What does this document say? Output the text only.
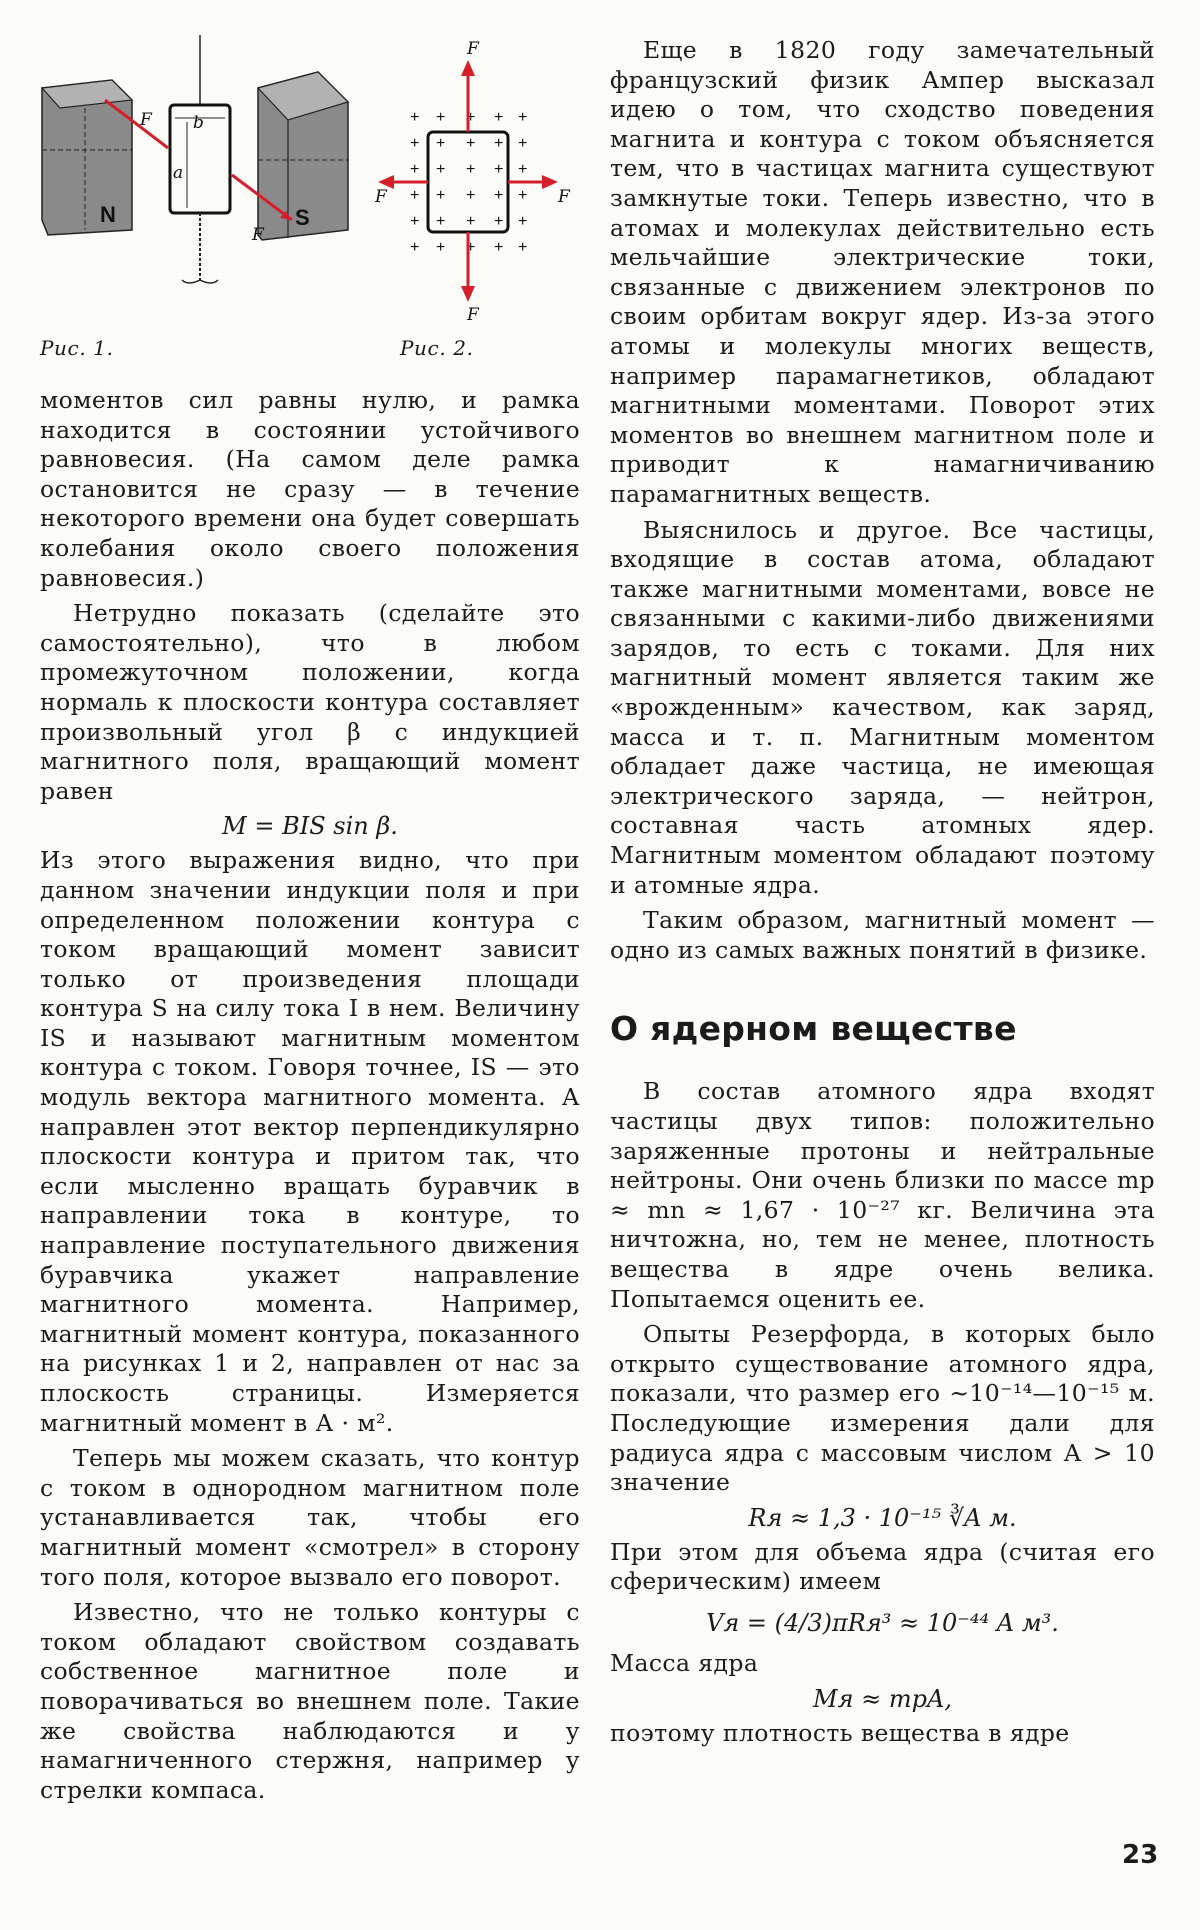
N	S
b
a
F
F
Рис. 1.
+ + + + +
+ + + + +
+ + + + +
+ + + + +
+ + + + +
+ + + + +
F
F
F	F
Рис. 2.

моментов сил равны нулю, и рамка находится в состоянии устойчивого равновесия. (На самом деле рамка остановится не сразу — в течение некоторого времени она будет совершать колебания около своего положения равновесия.)

Нетрудно показать (сделайте это самостоятельно), что в любом промежуточном положении, когда нормаль к плоскости контура составляет произвольный угол β с индукцией магнитного поля, вращающий момент равен

M = BIS sin β.

Из этого выражения видно, что при данном значении индукции поля и при определенном положении контура с током вращающий момент зависит только от произведения площади контура S на силу тока I в нем. Величину IS и называют магнитным моментом контура с током. Говоря точнее, IS — это модуль вектора магнитного момента. А направлен этот вектор перпендикулярно плоскости контура и притом так, что если мысленно вращать буравчик в направлении тока в контуре, то направление поступательного движения буравчика укажет направление магнитного момента. Например, магнитный момент контура, показанного на рисунках 1 и 2, направлен от нас за плоскость страницы. Измеряется магнитный момент в А · м².

Теперь мы можем сказать, что контур с током в однородном магнитном поле устанавливается так, чтобы его магнитный момент «смотрел» в сторону того поля, которое вызвало его поворот.

Известно, что не только контуры с током обладают свойством создавать собственное магнитное поле и поворачиваться во внешнем поле. Такие же свойства наблюдаются и у намагниченного стержня, например у стрелки компаса.

Еще в 1820 году замечательный французский физик Ампер высказал идею о том, что сходство поведения магнита и контура с током объясняется тем, что в частицах магнита существуют замкнутые токи. Теперь известно, что в атомах и молекулах действительно есть мельчайшие электрические токи, связанные с движением электронов по своим орбитам вокруг ядер. Из-за этого атомы и молекулы многих веществ, например парамагнетиков, обладают магнитными моментами. Поворот этих моментов во внешнем магнитном поле и приводит к намагничиванию парамагнитных веществ.

Выяснилось и другое. Все частицы, входящие в состав атома, обладают также магнитными моментами, вовсе не связанными с какими-либо движениями зарядов, то есть с токами. Для них магнитный момент является таким же «врожденным» качеством, как заряд, масса и т. п. Магнитным моментом обладает даже частица, не имеющая электрического заряда, — нейтрон, составная часть атомных ядер. Магнитным моментом обладают поэтому и атомные ядра.

Таким образом, магнитный момент — одно из самых важных понятий в физике.

О ядерном веществе

В состав атомного ядра входят частицы двух типов: положительно заряженные протоны и нейтральные нейтроны. Они очень близки по массе mp ≈ mn ≈ 1,67 · 10⁻²⁷ кг. Величина эта ничтожна, но, тем не менее, плотность вещества в ядре очень велика. Попытаемся оценить ее.

Опыты Резерфорда, в которых было открыто существование атомного ядра, показали, что размер его ~10⁻¹⁴—10⁻¹⁵ м. Последующие измерения дали для радиуса ядра с массовым числом A > 10 значение

Rя ≈ 1,3 · 10⁻¹⁵ ∛A м.

При этом для объема ядра (считая его сферическим) имеем

Vя = (4/3)πRя³ ≈ 10⁻⁴⁴ A м³.

Масса ядра

Mя ≈ mpA,

поэтому плотность вещества в ядре

23
